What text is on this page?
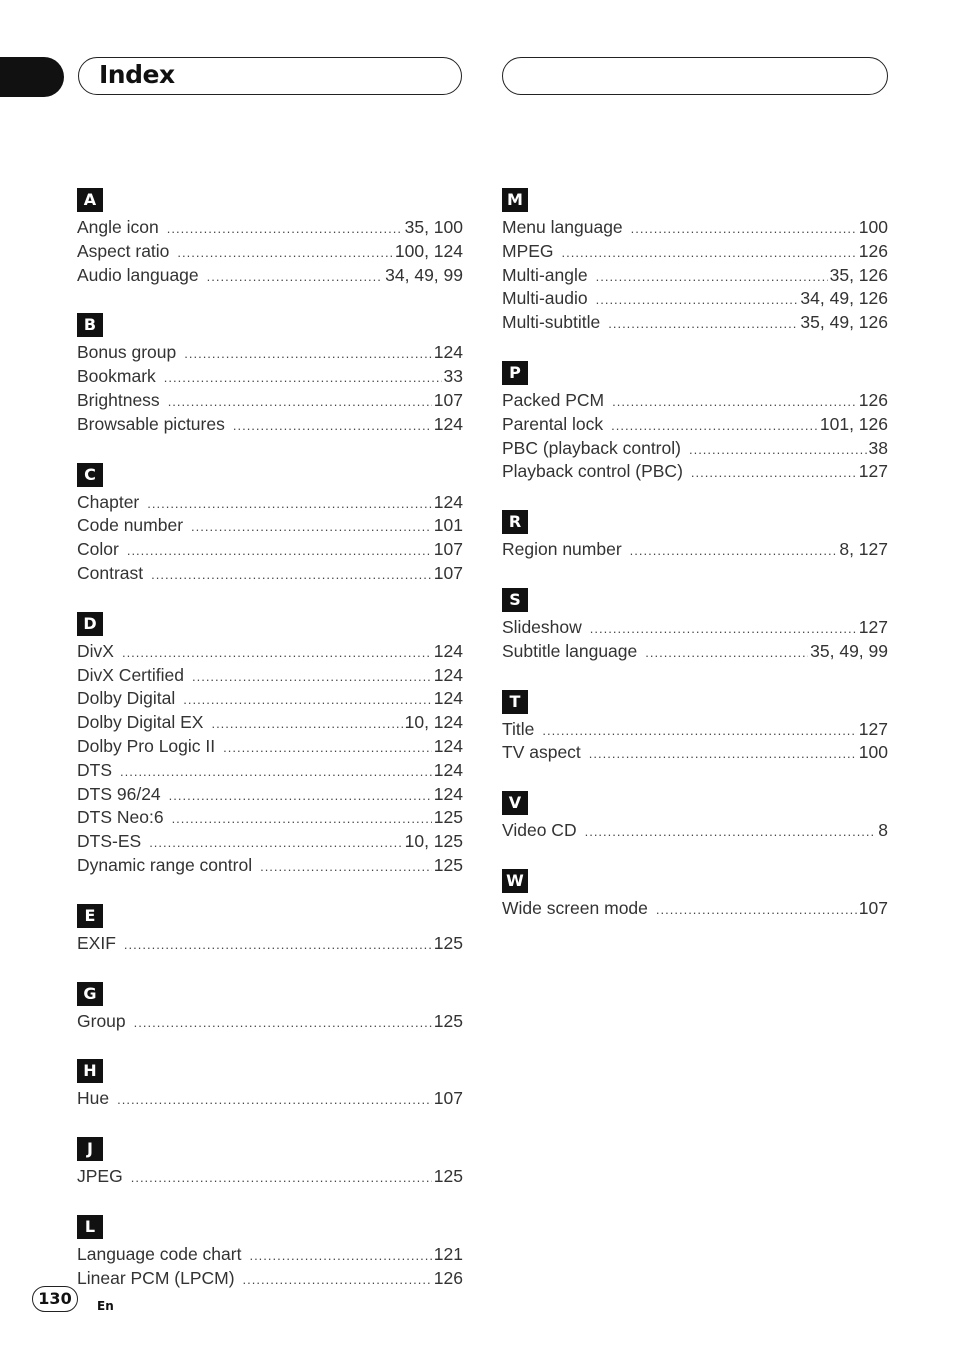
Index
A
Angle icon .....	35, 100
Aspect ratio .....	100, 124
Audio language .....	34, 49, 99
B
Bonus group .....	124
Bookmark .....	33
Brightness .....	107
Browsable pictures .....	124
C
Chapter .....	124
Code number .....	101
Color .....	107
Contrast .....	107
D
DivX .....	124
DivX Certified .....	124
Dolby Digital .....	124
Dolby Digital EX .....	10, 124
Dolby Pro Logic II .....	124
DTS .....	124
DTS 96/24 .....	124
DTS Neo:6 .....	125
DTS-ES .....	10, 125
Dynamic range control .....	125
E
EXIF .....	125
G
Group .....	125
H
Hue .....	107
J
JPEG .....	125
L
Language code chart .....	121
Linear PCM (LPCM) .....	126
M
Menu language .....	100
MPEG .....	126
Multi-angle .....	35, 126
Multi-audio .....	34, 49, 126
Multi-subtitle .....	35, 49, 126
P
Packed PCM .....	126
Parental lock .....	101, 126
PBC (playback control) .....	38
Playback control (PBC) .....	127
R
Region number .....	8, 127
S
Slideshow .....	127
Subtitle language .....	35, 49, 99
T
Title .....	127
TV aspect .....	100
V
Video CD .....	8
W
Wide screen mode .....	107
130	En
